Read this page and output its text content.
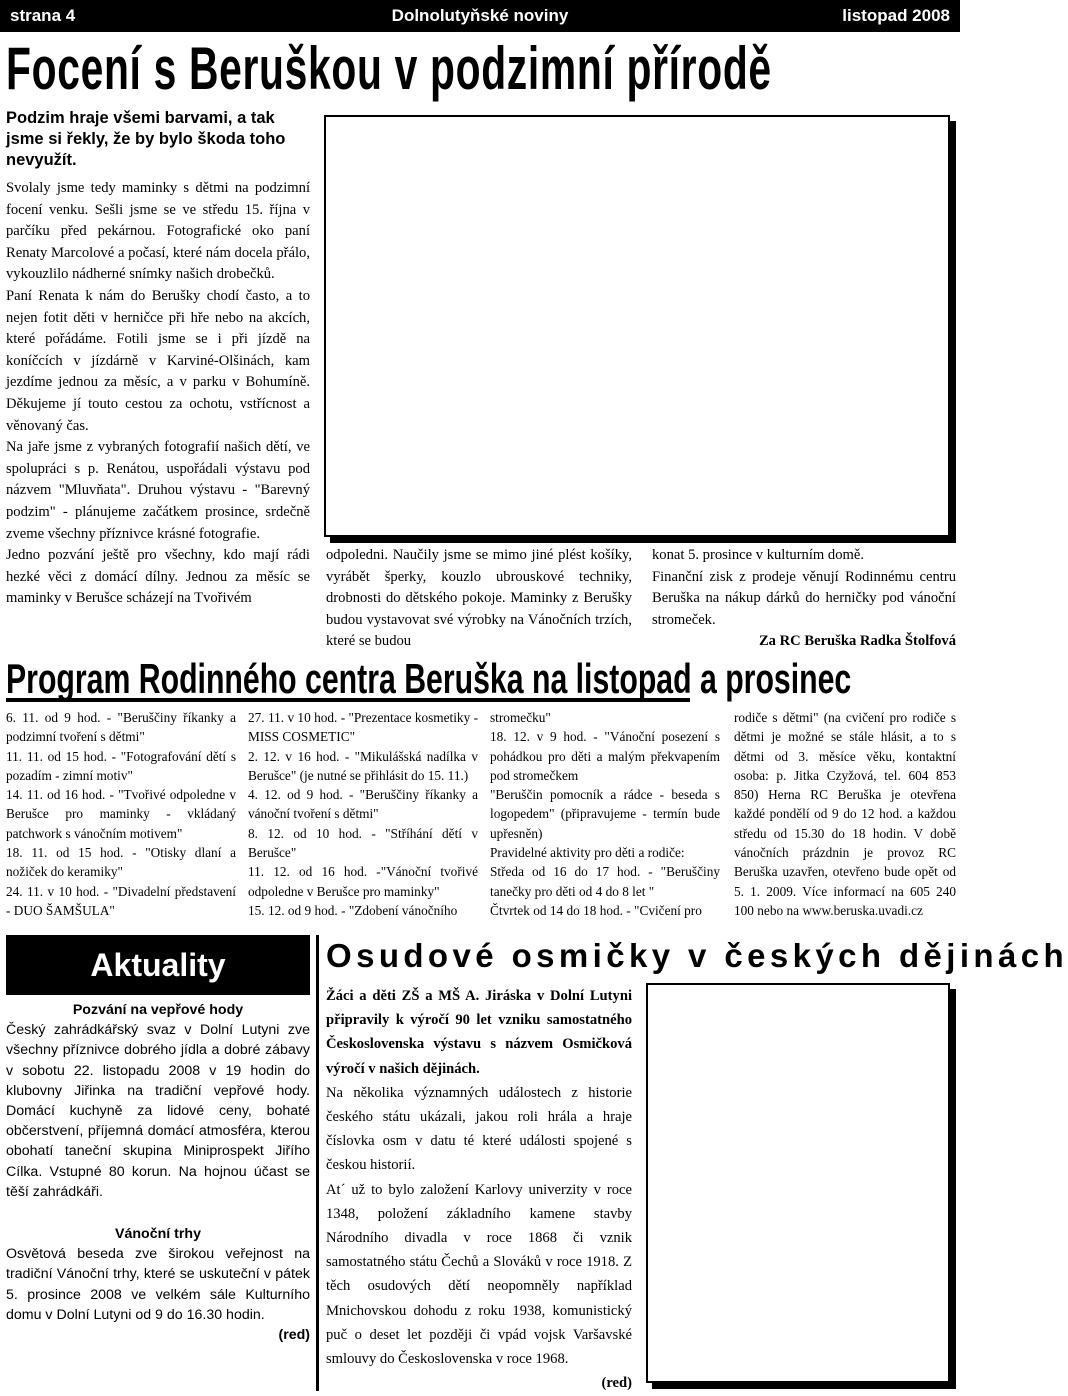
strana 4	Dolnolutyňské noviny	listopad 2008
Focení s Beruškou v podzimní přírodě
Podzim hraje všemi barvami, a tak jsme si řekly, že by bylo škoda toho nevyužít.

Svolaly jsme tedy maminky s dětmi na podzimní focení venku. Sešli jsme se ve středu 15. října v parčíku před pekárnou. Fotografické oko paní Renaty Marcolové a počasí, které nám docela přálo, vykouzlilo nádherné snímky našich drobečků.

Paní Renata k nám do Berušky chodí často, a to nejen fotit děti v herničce při hře nebo na akcích, které pořádáme. Fotili jsme se i při jízdě na koníčcích v jízdárně v Karviné-Olšinách, kam jezdíme jednou za měsíc, a v parku v Bohumíně. Děkujeme jí touto cestou za ochotu, vstřícnost a věnovaný čas.

Na jaře jsme z vybraných fotografií našich dětí, ve spolupráci s p. Renátou, uspořádali výstavu pod názvem "Mluvňata". Druhou výstavu - "Barevný podzim" - plánujeme začátkem prosince, srdečně zveme všechny příznivce krásné fotografie.

Jedno pozvání ještě pro všechny, kdo mají rádi hezké věci z domácí dílny. Jednou za měsíc se maminky v Berušce scházejí na Tvořivém

odpoledni. Naučily jsme se mimo jiné plést košíky, vyrábět šperky, kouzlo ubrouskové techniky, drobnosti do dětského pokoje. Maminky z Berušky budou vystavovat své výrobky na Vánočních trzích, které se budou

konat 5. prosince v kulturním domě.

Finanční zisk z prodeje věnují Rodinnému centru Beruška na nákup dárků do herničky pod vánoční stromeček.

Za RC Beruška Radka Štolfová

Program Rodinného centra Beruška na listopad a prosinec

6. 11. od 9 hod. - "Beruščiny říkanky a podzimní tvoření s dětmi"

11. 11. od 15 hod. - "Fotografování dětí s pozadím - zimní motiv"

14. 11. od 16 hod. - "Tvořivé odpoledne v Berušce pro maminky - vkládaný patchwork s vánočním motivem"

18. 11. od 15 hod. - "Otisky dlaní a nožiček do keramiky"

24. 11. v 10 hod. - "Divadelní představení - DUO ŠAMŠULA"

27. 11. v 10 hod. - "Prezentace kosmetiky - MISS COSMETIC"

2. 12. v 16 hod. - "Mikulášská nadílka v Berušce" (je nutné se přihlásit do 15. 11.)

4. 12. od 9 hod. - "Beruščiny říkanky a vánoční tvoření s dětmi"

8. 12. od 10 hod. - "Stříhání dětí v Berušce"

11. 12. od 16 hod. -"Vánoční tvořivé odpoledne v Berušce pro maminky"

15. 12. od 9 hod. - "Zdobení vánočního

stromečku"

18. 12. v 9 hod. - "Vánoční posezení s pohádkou pro děti a malým překvapením pod stromečkem

"Beruščin pomocník a rádce - beseda s logopedem" (připravujeme - termín bude upřesněn)

Pravidelné aktivity pro děti a rodiče:

Středa od 16 do 17 hod. - "Beruščiny tanečky pro děti od 4 do 8 let "

Čtvrtek od 14 do 18 hod. - "Cvičení pro

rodiče s dětmi" (na cvičení pro rodiče s dětmi je možné se stále hlásit, a to s dětmi od 3. měsíce věku, kontaktní osoba: p. Jitka Czyžová, tel. 604 853 850) Herna RC Beruška je otevřena každé pondělí od 9 do 12 hod. a každou středu od 15.30 do 18 hodin. V době vánočních prázdnin je provoz RC Beruška uzavřen, otevřeno bude opět od 5. 1. 2009. Více informací na 605 240 100 nebo na www.beruska.uvadi.cz

Aktuality
Pozvání na vepřové hody

Český zahrádkářský svaz v Dolní Lutyni zve všechny příznivce dobrého jídla a dobré zábavy v sobotu 22. listopadu 2008 v 19 hodin do klubovny Jiřinka na tradiční vepřové hody. Domácí kuchyně za lidové ceny, bohaté občerstvení, příjemná domácí atmosféra, kterou obohatí taneční skupina Miniprospekt Jiřího Cílka. Vstupné 80 korun. Na hojnou účast se těší zahrádkáři.

Vánoční trhy

Osvětová beseda zve širokou veřejnost na tradiční Vánoční trhy, které se uskuteční v pátek 5. prosince 2008 ve velkém sále Kulturního domu v Dolní Lutyni od 9 do 16.30 hodin.

(red)

Osudové osmičky v českých dějinách

Žáci a děti ZŠ a MŠ A. Jiráska v Dolní Lutyni připravily k výročí 90 let vzniku samostatného Československa výstavu s názvem Osmičková výročí v našich dějinách.

Na několika významných událostech z historie českého státu ukázali, jakou roli hrála a hraje číslovka osm v datu té které události spojené s českou historií.

At´ už to bylo založení Karlovy univerzity v roce 1348, položení základního kamene stavby Národního divadla v roce 1868 či vznik samostatného státu Čechů a Slováků v roce 1918. Z těch osudových dětí neopomněly například Mnichovskou dohodu z roku 1938, komunistický puč o deset let později či vpád vojsk Varšavské smlouvy do Československa v roce 1968.

(red)
